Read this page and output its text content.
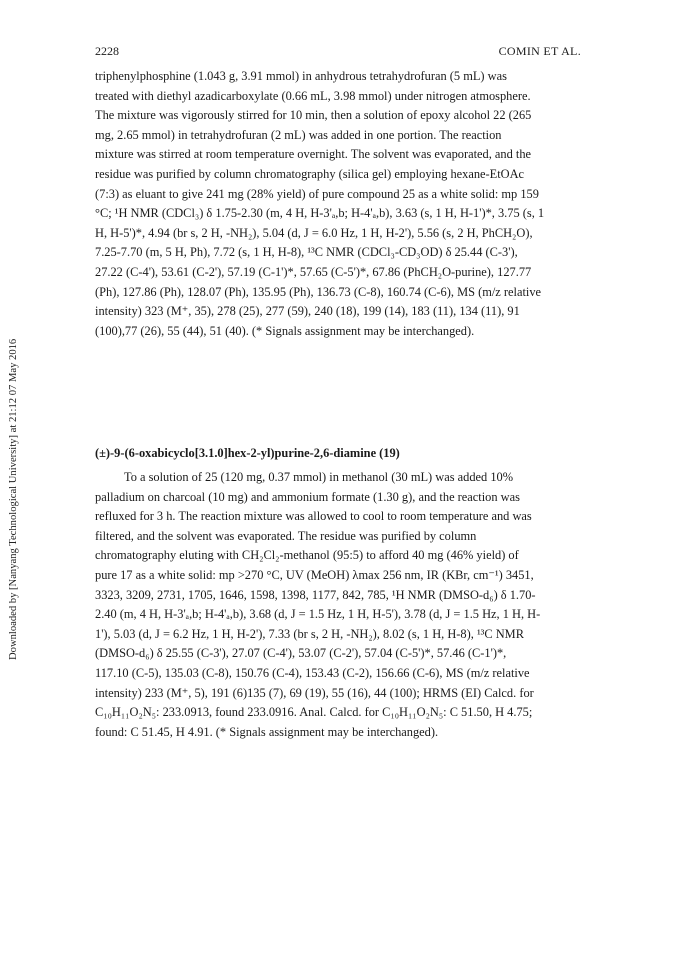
2228	COMIN ET AL.
Downloaded by [Nanyang Technological University] at 21:12 07 May 2016
triphenylphosphine (1.043 g, 3.91 mmol) in anhydrous tetrahydrofuran (5 mL) was
treated with diethyl azadicarboxylate (0.66 mL, 3.98 mmol) under nitrogen atmosphere.
The mixture was vigorously stirred for 10 min, then a solution of epoxy alcohol 22 (265
mg, 2.65 mmol) in tetrahydrofuran (2 mL) was added in one portion. The reaction
mixture was stirred at room temperature overnight. The solvent was evaporated, and the
residue was purified by column chromatography (silica gel) employing hexane-EtOAc
(7:3) as eluant to give 241 mg (28% yield) of pure compound 25 as a white solid: mp 159
°C; ¹H NMR (CDCl₃) δ 1.75-2.30 (m, 4 H, H-3'ₐ,b; H-4'ₐ,b), 3.63 (s, 1 H, H-1')*, 3.75 (s, 1
H, H-5')*, 4.94 (br s, 2 H, -NH₂), 5.04 (d, J = 6.0 Hz, 1 H, H-2'), 5.56 (s, 2 H, PhCH₂O),
7.25-7.70 (m, 5 H, Ph), 7.72 (s, 1 H, H-8), ¹³C NMR (CDCl₃-CD₃OD) δ 25.44 (C-3'),
27.22 (C-4'), 53.61 (C-2'), 57.19 (C-1')*, 57.65 (C-5')*, 67.86 (PhCH₂O-purine), 127.77
(Ph), 127.86 (Ph), 128.07 (Ph), 135.95 (Ph), 136.73 (C-8), 160.74 (C-6), MS (m/z relative
intensity) 323 (M⁺, 35), 278 (25), 277 (59), 240 (18), 199 (14), 183 (11), 134 (11), 91
(100),77 (26), 55 (44), 51 (40). (* Signals assignment may be interchanged).
(±)-9-(6-oxabicyclo[3.1.0]hex-2-yl)purine-2,6-diamine (19)
To a solution of 25 (120 mg, 0.37 mmol) in methanol (30 mL) was added 10%
palladium on charcoal (10 mg) and ammonium formate (1.30 g), and the reaction was
refluxed for 3 h. The reaction mixture was allowed to cool to room temperature and was
filtered, and the solvent was evaporated. The residue was purified by column
chromatography eluting with CH₂Cl₂-methanol (95:5) to afford 40 mg (46% yield) of
pure 17 as a white solid: mp >270 °C, UV (MeOH) λmax 256 nm, IR (KBr, cm⁻¹) 3451,
3323, 3209, 2731, 1705, 1646, 1598, 1398, 1177, 842, 785, ¹H NMR (DMSO-d₆) δ 1.70-
2.40 (m, 4 H, H-3'ₐ,b; H-4'ₐ,b), 3.68 (d, J = 1.5 Hz, 1 H, H-5'), 3.78 (d, J = 1.5 Hz, 1 H, H-
1'), 5.03 (d, J = 6.2 Hz, 1 H, H-2'), 7.33 (br s, 2 H, -NH₂), 8.02 (s, 1 H, H-8), ¹³C NMR
(DMSO-d₆) δ 25.55 (C-3'), 27.07 (C-4'), 53.07 (C-2'), 57.04 (C-5')*, 57.46 (C-1')*,
117.10 (C-5), 135.03 (C-8), 150.76 (C-4), 153.43 (C-2), 156.66 (C-6), MS (m/z relative
intensity) 233 (M⁺, 5), 191 (6)135 (7), 69 (19), 55 (16), 44 (100); HRMS (EI) Calcd. for
C₁₀H₁₁O₂N₅: 233.0913, found 233.0916. Anal. Calcd. for C₁₀H₁₁O₂N₅: C 51.50, H 4.75;
found: C 51.45, H 4.91. (* Signals assignment may be interchanged).
